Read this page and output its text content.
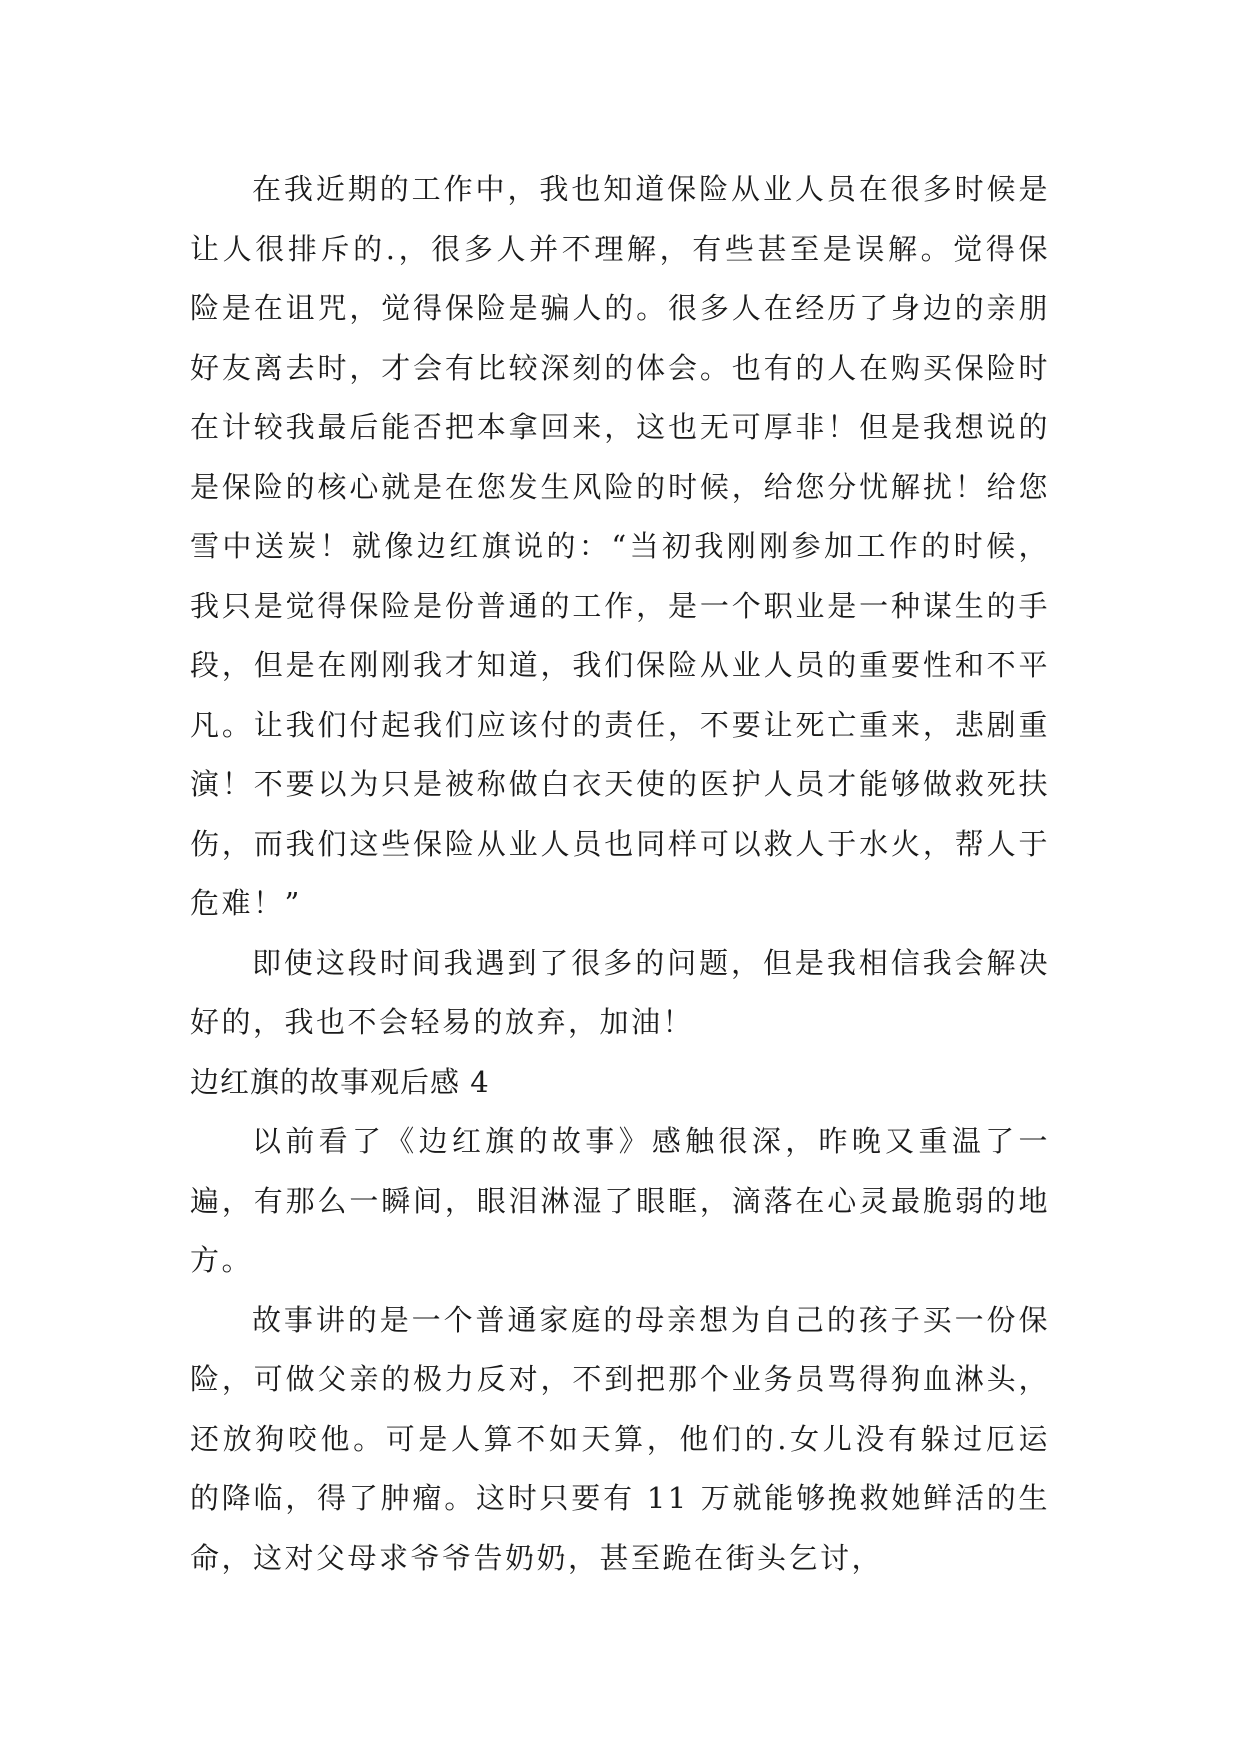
在我近期的工作中，我也知道保险从业人员在很多时候是让人很排斥的.，很多人并不理解，有些甚至是误解。觉得保险是在诅咒，觉得保险是骗人的。很多人在经历了身边的亲朋好友离去时，才会有比较深刻的体会。也有的人在购买保险时在计较我最后能否把本拿回来，这也无可厚非！但是我想说的是保险的核心就是在您发生风险的时候，给您分忧解扰！给您雪中送炭！就像边红旗说的：“当初我刚刚参加工作的时候，我只是觉得保险是份普通的工作，是一个职业是一种谋生的手段，但是在刚刚我才知道，我们保险从业人员的重要性和不平凡。让我们付起我们应该付的责任，不要让死亡重来，悲剧重演！不要以为只是被称做白衣天使的医护人员才能够做救死扶伤，而我们这些保险从业人员也同样可以救人于水火，帮人于危难！”

即使这段时间我遇到了很多的问题，但是我相信我会解决好的，我也不会轻易的放弃，加油！

边红旗的故事观后感 4

以前看了《边红旗的故事》感触很深，昨晚又重温了一遍，有那么一瞬间，眼泪淋湿了眼眶，滴落在心灵最脆弱的地方。

故事讲的是一个普通家庭的母亲想为自己的孩子买一份保险，可做父亲的极力反对，不到把那个业务员骂得狗血淋头，还放狗咬他。可是人算不如天算，他们的.女儿没有躲过厄运的降临，得了肿瘤。这时只要有 11 万就能够挽救她鲜活的生命，这对父母求爷爷告奶奶，甚至跪在街头乞讨，
